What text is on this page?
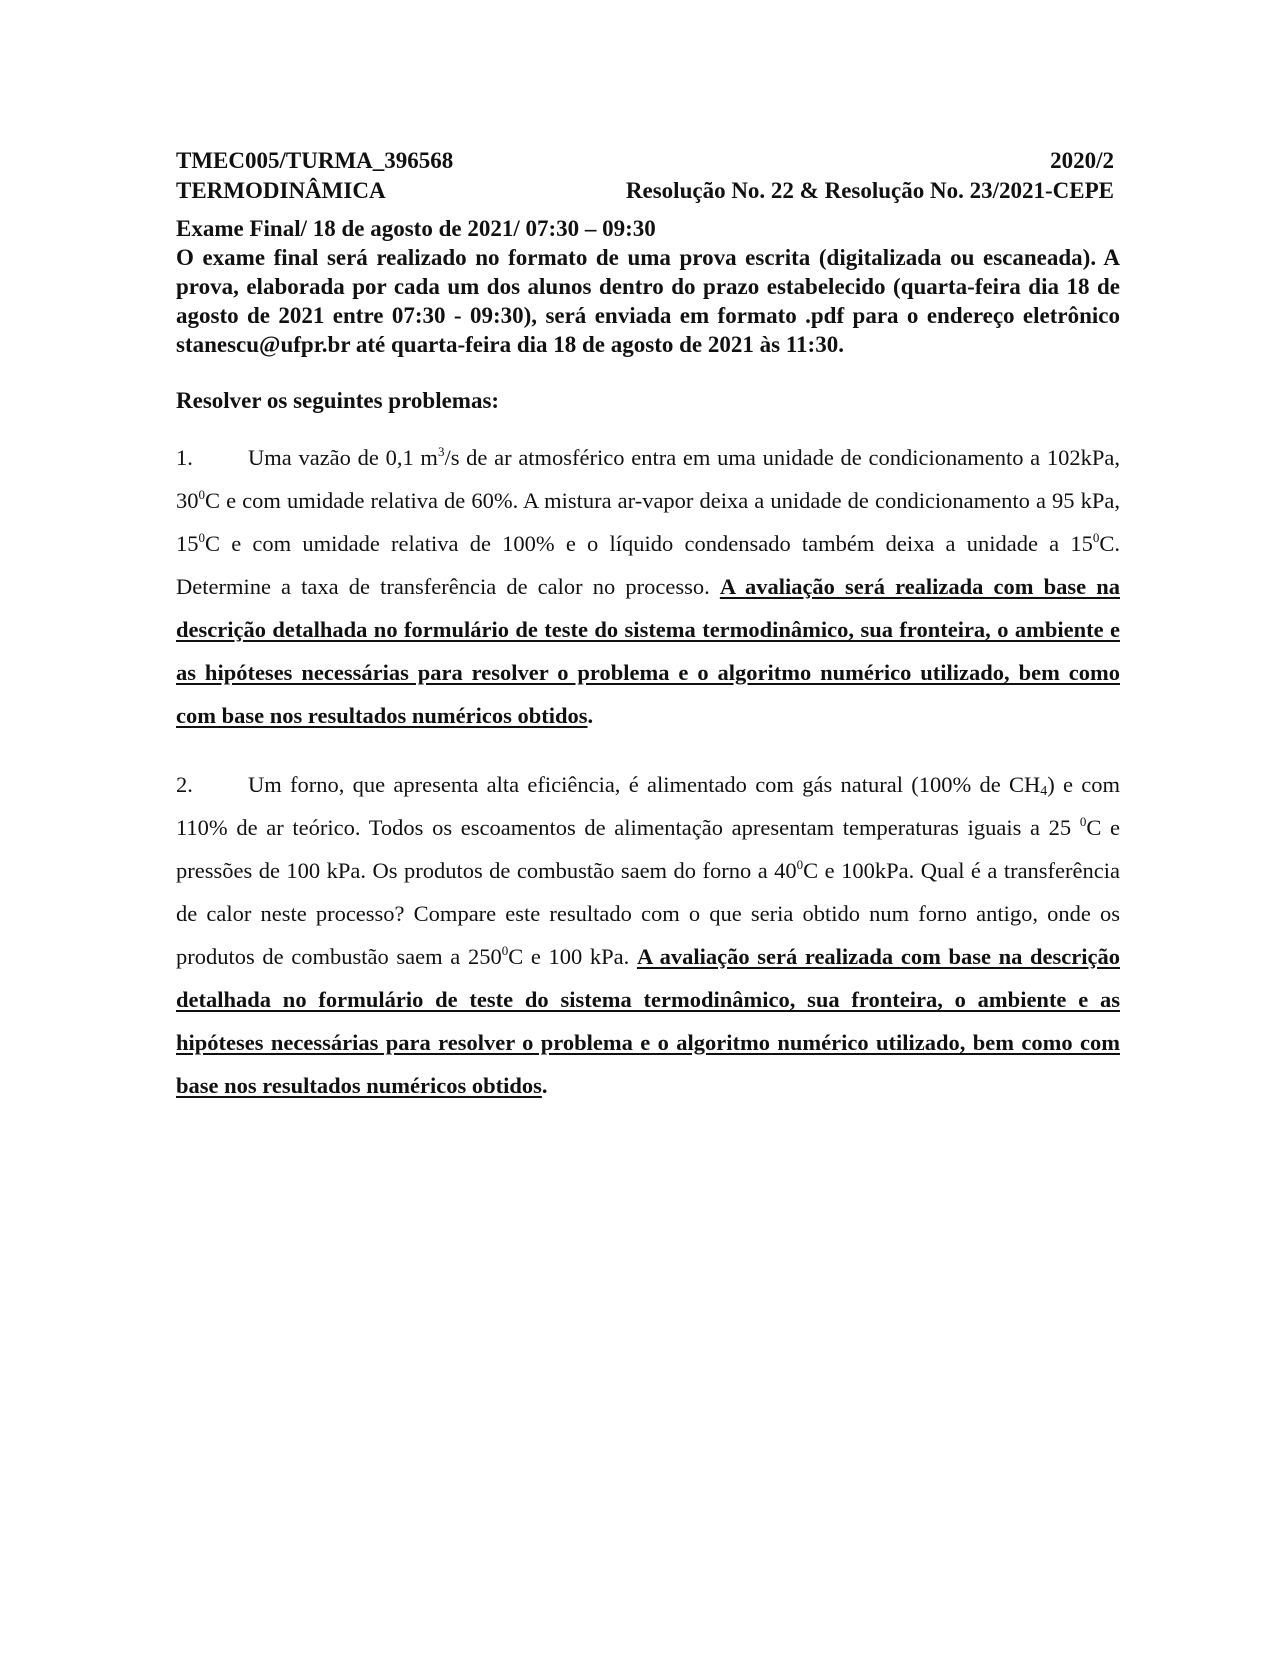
TMEC005/TURMA_396568	2020/2
TERMODINÂMICA	Resolução No. 22 & Resolução No. 23/2021-CEPE
Exame Final/ 18 de agosto de 2021/ 07:30 – 09:30
O exame final será realizado no formato de uma prova escrita (digitalizada ou escaneada). A prova, elaborada por cada um dos alunos dentro do prazo estabelecido (quarta-feira dia 18 de agosto de 2021 entre 07:30 - 09:30), será enviada em formato .pdf para o endereço eletrônico stanescu@ufpr.br até quarta-feira dia 18 de agosto de 2021 às 11:30.
Resolver os seguintes problemas:
1. Uma vazão de 0,1 $m^3/s$ de ar atmosférico entra em uma unidade de condicionamento a 102kPa, $30^0C$ e com umidade relativa de 60%. A mistura ar-vapor deixa a unidade de condicionamento a 95 kPa, $15^0C$ e com umidade relativa de 100% e o líquido condensado também deixa a unidade a $15^0C$. Determine a taxa de transferência de calor no processo. A avaliação será realizada com base na descrição detalhada no formulário de teste do sistema termodinâmico, sua fronteira, o ambiente e as hipóteses necessárias para resolver o problema e o algoritmo numérico utilizado, bem como com base nos resultados numéricos obtidos.
2. Um forno, que apresenta alta eficiência, é alimentado com gás natural (100% de $CH_4$) e com 110% de ar teórico. Todos os escoamentos de alimentação apresentam temperaturas iguais a 25 $^0$C e pressões de 100 kPa. Os produtos de combustão saem do forno a $40^0C$ e 100kPa. Qual é a transferência de calor neste processo? Compare este resultado com o que seria obtido num forno antigo, onde os produtos de combustão saem a $250^0C$ e 100 kPa. A avaliação será realizada com base na descrição detalhada no formulário de teste do sistema termodinâmico, sua fronteira, o ambiente e as hipóteses necessárias para resolver o problema e o algoritmo numérico utilizado, bem como com base nos resultados numéricos obtidos.
